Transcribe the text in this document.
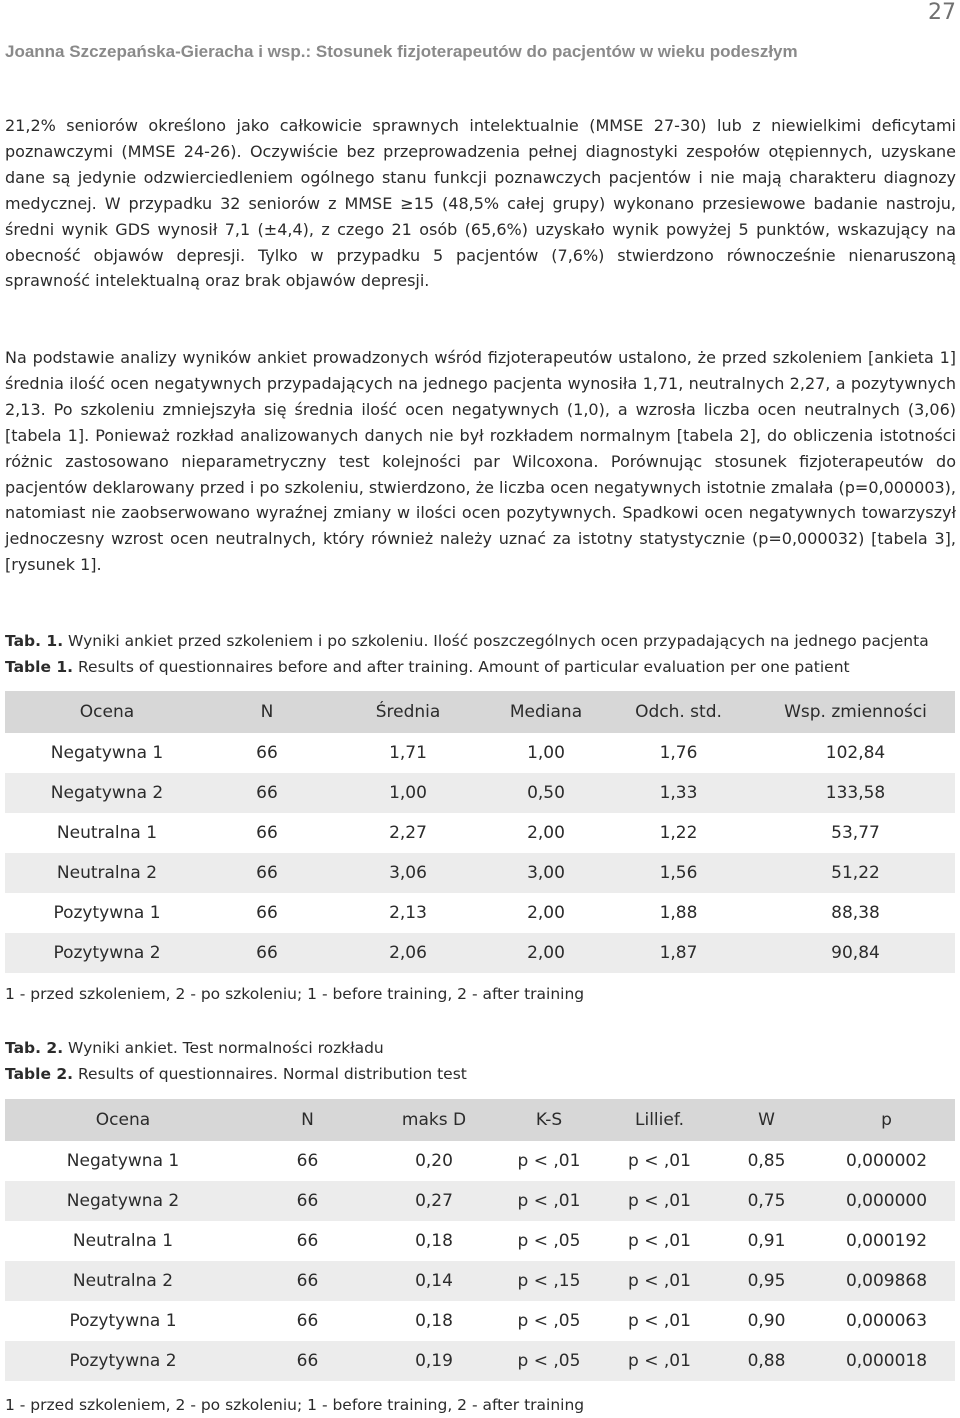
27
Joanna Szczepańska-Gieracha i wsp.: Stosunek fizjoterapeutów do pacjentów w wieku podeszłym

21,2% seniorów określono jako całkowicie sprawnych intelektualnie (MMSE 27-30) lub z niewielkimi deficytami poznawczymi (MMSE 24-26). Oczywiście bez przeprowadzenia pełnej diagnostyki zespołów otępiennych, uzyskane dane są jedynie odzwierciedleniem ogólnego stanu funkcji poznawczych pacjentów i nie mają charakteru diagnozy medycznej. W przypadku 32 seniorów z MMSE ≥15 (48,5% całej grupy) wykonano przesiewowe badanie nastroju, średni wynik GDS wynosił 7,1 (±4,4), z czego 21 osób (65,6%) uzyskało wynik powyżej 5 punktów, wskazujący na obecność objawów depresji. Tylko w przypadku 5 pacjentów (7,6%) stwierdzono równocześnie nienaruszoną sprawność intelektualną oraz brak objawów depresji.

Na podstawie analizy wyników ankiet prowadzonych wśród fizjoterapeutów ustalono, że przed szkoleniem [ankieta 1] średnia ilość ocen negatywnych przypadających na jednego pacjenta wynosiła 1,71, neutralnych 2,27, a pozytywnych 2,13. Po szkoleniu zmniejszyła się średnia ilość ocen negatywnych (1,0), a wzrosła liczba ocen neutralnych (3,06) [tabela 1]. Ponieważ rozkład analizowanych danych nie był rozkładem normalnym [tabela 2], do obliczenia istotności różnic zastosowano nieparametryczny test kolejności par Wilcoxona. Porównując stosunek fizjoterapeutów do pacjentów deklarowany przed i po szkoleniu, stwierdzono, że liczba ocen negatywnych istotnie zmalała (p=0,000003), natomiast nie zaobserwowano wyraźnej zmiany w ilości ocen pozytywnych. Spadkowi ocen negatywnych towarzyszył jednoczesny wzrost ocen neutralnych, który również należy uznać za istotny statystycznie (p=0,000032) [tabela 3], [rysunek 1].

Tab. 1. Wyniki ankiet przed szkoleniem i po szkoleniu. Ilość poszczególnych ocen przypadających na jednego pacjenta
Table 1. Results of questionnaires before and after training. Amount of particular evaluation per one patient
Ocena	N	Średnia	Mediana	Odch. std.	Wsp. zmienności
Negatywna 1	66	1,71	1,00	1,76	102,84
Negatywna 2	66	1,00	0,50	1,33	133,58
Neutralna 1	66	2,27	2,00	1,22	53,77
Neutralna 2	66	3,06	3,00	1,56	51,22
Pozytywna 1	66	2,13	2,00	1,88	88,38
Pozytywna 2	66	2,06	2,00	1,87	90,84
1 - przed szkoleniem, 2 - po szkoleniu; 1 - before training, 2 - after training
Tab. 2. Wyniki ankiet. Test normalności rozkładu
Table 2. Results of questionnaires. Normal distribution test
Ocena	N	maks D	K-S	Lillief.	W	p
Negatywna 1	66	0,20	p < ,01	p < ,01	0,85	0,000002
Negatywna 2	66	0,27	p < ,01	p < ,01	0,75	0,000000
Neutralna 1	66	0,18	p < ,05	p < ,01	0,91	0,000192
Neutralna 2	66	0,14	p < ,15	p < ,01	0,95	0,009868
Pozytywna 1	66	0,18	p < ,05	p < ,01	0,90	0,000063
Pozytywna 2	66	0,19	p < ,05	p < ,01	0,88	0,000018
1 - przed szkoleniem, 2 - po szkoleniu; 1 - before training, 2 - after training
